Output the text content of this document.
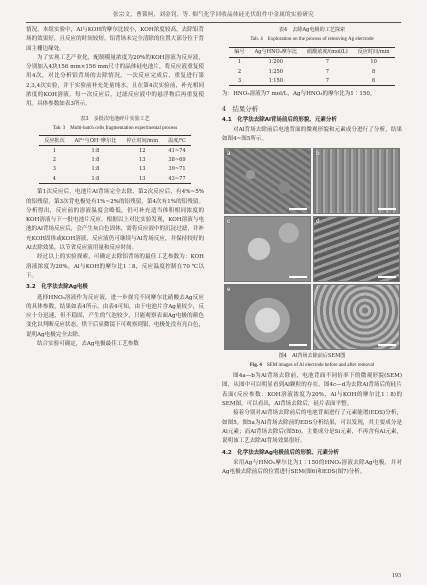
张宗文，曹锁柯，刘金钊，等. 烟气化学回收晶体硅光伏组件中金属的实验研究

情况。本组实验中，Al与KOH的摩尔比较小，KOH浓度较高，去除铝背场的效果好，且反应的时间较短。铝背场未完全清除的位置大部分位于背面主栅边缘处。

为了实现工艺产业化，配制模量浓度为20%的KOH溶液为反应液，分别加入4块156 mm×156 mm尺寸的晶体硅电池片，将反应液重复使用4次，对比分析铝背场的去除情况，一次反应完成后，重复进行第2,3,4次实验，并于实验前补充处量纯水，且在第4次实验前，补充相同浓度的KOH溶液。每一次反应后，过滤反应液中的悬浮物后再重复使用。具体参数如表3所示。

表3　多批次电池碎片实验工艺
Tab. 3　Multi-batch cells fragmentation experimental process
反应批次	Al³⁺与OH⁻摩尔比	停止时间/min	温度/℃
1	1∶8	12	41~74
2	1∶8	13	38~69
3	1∶8	13	39~71
4	1∶8	13	43~77

第1次反应后，电池片Al背场完全去除，第2次反应后，有4%~5%的铝残留，第3次背电极处有1%~2%的铝残留，第4次有1%的铝残留。分析得出，反应前的溶液温度会略低，仍可补充适当体积相同浓度的KOH溶液与下一批电池片反应。根据以上对比实验发现，KOH溶液与电池的Al背场反应后，会产生灰白色固体，需将反应液中的沉淀过滤，并补充KOH固体或KOH溶液，反应液仍可继续与Al背场反应，并保持较好的Al去除效果，以节省反应液用量和反应时间。

经过以上的实验探索，可确定去除铝背场的最佳工艺参数为：KOH溶液浓度为20%，Al与KOH的摩尔比1∶8，反应温度控制在70 ℃以下。

3.2　化学法去除Ag电极

选择HNO₃溶液作为反应液，进一步探究不同摩尔比硝酸去Ag反应的具体参数，结果如表4所示。由表4可知，由于电池片含Ag量较少，反应十分迅速，但不稳固，产生的气泡较少，只能观察表面Ag电极的颜色变化以判断反应状态。烘干后显微镜下可观察到银，电极处没有亮白色，说明Ag电极完全去除。

结合实验可确定，去Ag电极最佳工艺参数

表4　去除Ag电极的工艺探索
Tab. 4　Exploration on the process of removing Ag electrode
编号	Ag与HNO₃摩尔比	硝酸浓度/(mol/L)	反应时间/min
1	1∶200	7	10
2	1∶250	7	8
3	1∶150	7	6

为：HNO₃溶液为7 mol/L，Ag与HNO₃的摩尔比为1∶150。

4　结果分析
4.1　化学法去除Al背场前后的形貌、元素分析

对Al背场去除前后电池背面的微观形貌和元素成分进行了分析，结果如图4~图5所示。

a	b
c	d
e	f
图4　Al背场去除前后SEM图
Fig. 4　 SEM images of Al electrode before and after removal

图4a—b为Al背场去除前，电池背面不同倍率下的微观形貌(SEM)图，从图中可以明显看到Al颗粒的存在。图4c—d为去除Al背场后的硅片表面(反应参数：KOH溶液浓度为20%，Al与KOH的摩尔比1∶8)的SEM图，可以看出，Al背场去除后，硅片表面平整。

接着分别对Al背场去除前后的电池背面进行了元素能谱(EDS)分析，如图5。图5a为Al背场去除前的EDS分析结果，可以发现，其主要成分是Al元素；而Al背场去除后(图5b)，主要成分是Si元素，不再含有Al元素，说明该工艺去除Al背场效果很好。

4.2　化学法去除Ag电极前后的形貌、元素分析

采用Ag与HNO₃摩尔比为1∶150的HNO₃溶液去除Ag电极，并对Ag电极去除前后的位置进行SEM(图6)和EDS(图7)分析。

193
